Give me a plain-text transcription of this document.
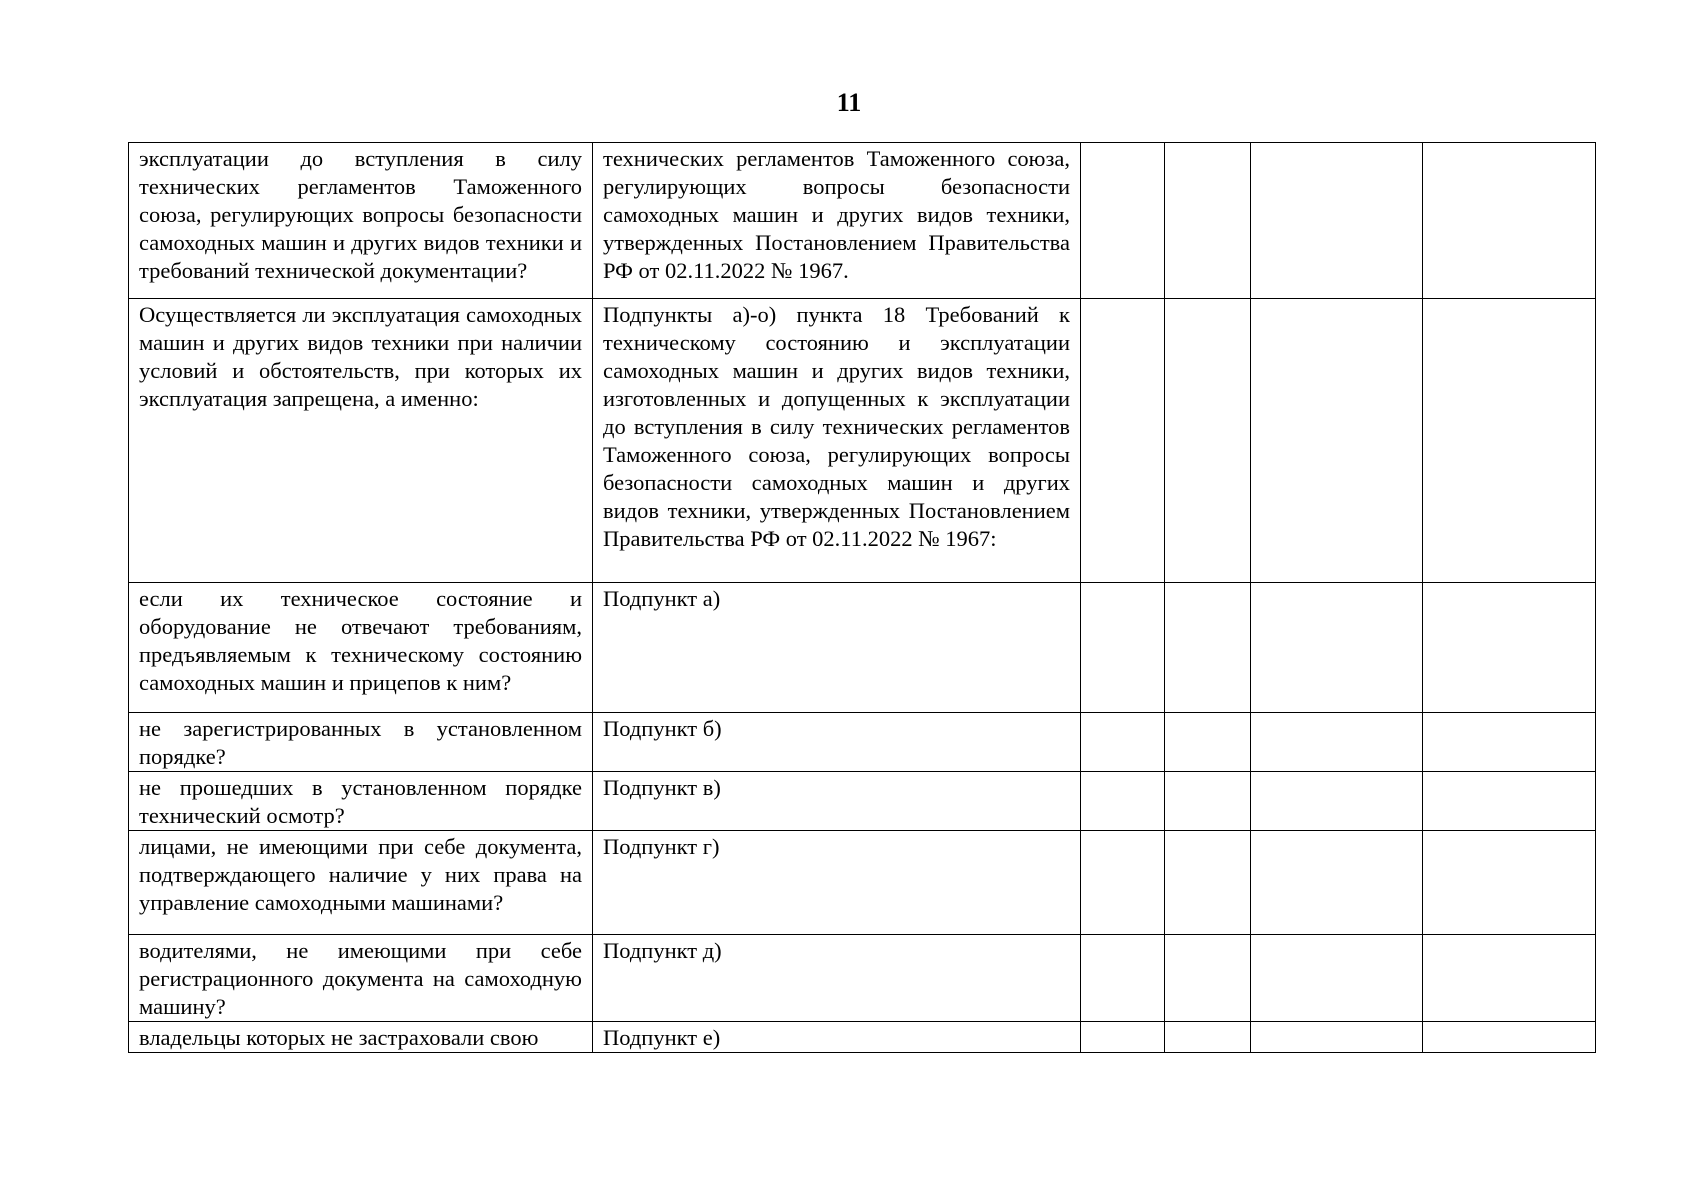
11
эксплуатации до вступления в силу технических регламентов Таможенного союза, регулирующих вопросы безопасности самоходных машин и других видов техники и требований технической документации?	технических регламентов Таможенного союза, регулирующих вопросы безопасности самоходных машин и других видов техники, утвержденных Постановлением Правительства РФ от 02.11.2022 № 1967.				
Осуществляется ли эксплуатация самоходных машин и других видов техники при наличии условий и обстоятельств, при которых их эксплуатация запрещена, а именно:	Подпункты а)-о) пункта 18 Требований к техническому состоянию и эксплуатации самоходных машин и других видов техники, изготовленных и допущенных к эксплуатации до вступления в силу технических регламентов Таможенного союза, регулирующих вопросы безопасности самоходных машин и других видов техники, утвержденных Постановлением Правительства РФ от 02.11.2022 № 1967:				
если их техническое состояние и оборудование не отвечают требованиям, предъявляемым к техническому состоянию самоходных машин и прицепов к ним?	Подпункт а)				
не зарегистрированных в установленном порядке?	Подпункт б)				
не прошедших в установленном порядке технический осмотр?	Подпункт в)				
лицами, не имеющими при себе документа, подтверждающего наличие у них права на управление самоходными машинами?	Подпункт г)				
водителями, не имеющими при себе регистрационного документа на самоходную машину?	Подпункт д)				
владельцы которых не застраховали свою	Подпункт е)				
